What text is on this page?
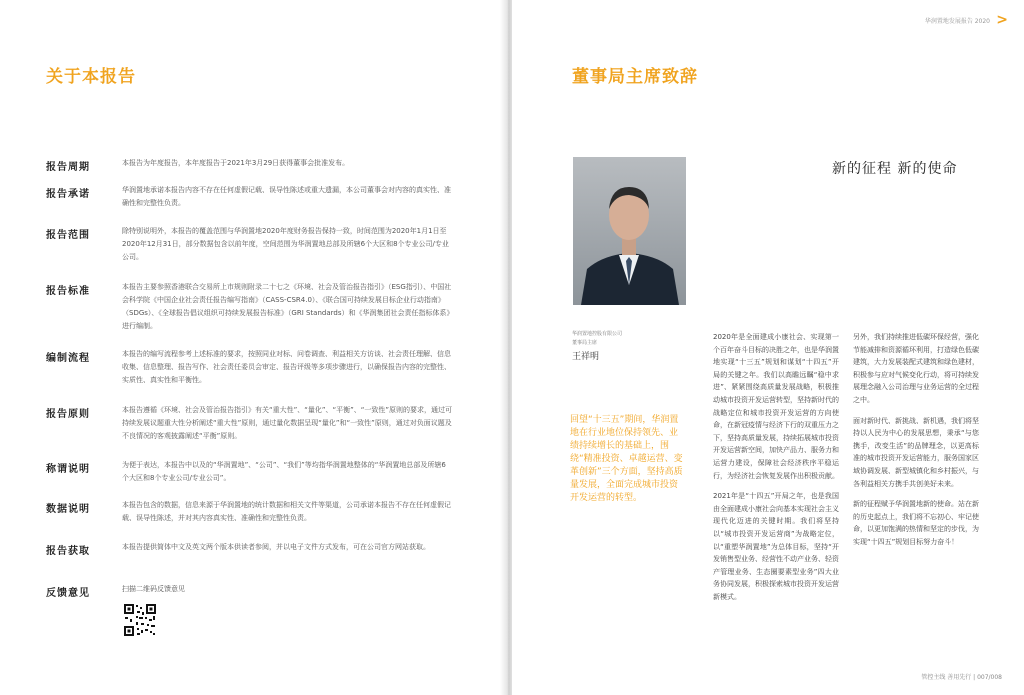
关于本报告
报告周期	本报告为年度报告，本年度报告于2021年3月29日获得董事会批准发布。
报告承诺	华润置地承诺本报告内容不存在任何虚假记载、误导性陈述或重大遗漏，本公司董事会对内容的真实性、准确性和完整性负责。
报告范围	除特别说明外，本报告的覆盖范围与华润置地2020年度财务报告保持一致，时间范围为2020年1月1日至2020年12月31日，部分数据包含以前年度，空间范围为华润置地总部及所辖6个大区和8个专业公司/专业公司。
报告标准	本报告主要参照香港联合交易所上市规则附录二十七之《环境、社会及管治报告指引》（ESG指引）、中国社会科学院《中国企业社会责任报告编写指南》（CASS-CSR4.0）、《联合国可持续发展目标企业行动指南》（SDGs）、《全球报告倡议组织可持续发展报告标准》（GRI Standards）和《华润集团社会责任指标体系》进行编制。
编制流程	本报告的编写流程参考上述标准的要求，按照同业对标、问卷调查、利益相关方访谈、社会责任理解、信息收集、信息整理、报告写作、社会责任委员会审定、报告评级等多项步骤进行，以确保报告内容的完整性、实质性、真实性和平衡性。
报告原则	本报告遵循《环境、社会及管治报告指引》有关“重大性”、“量化”、“平衡”、“一致性”原则的要求，通过可持续发展议题重大性分析阐述“重大性”原则，通过量化数据呈现“量化”和“一致性”原则，通过对负面议题及不良情况的客观披露阐述“平衡”原则。
称谓说明	为便于表达，本报告中以及的“华润置地”、“公司”、“我们”等均指华润置地整体的“华润置地总部及所辖6个大区和8个专业公司/专业公司”。
数据说明	本报告包含的数据，信息来源于华润置地的统计数据和相关文件等渠道，公司承诺本报告不存在任何虚假记载、误导性陈述，并对其内容真实性、准确性和完整性负责。
报告获取	本报告提供简体中文及英文两个版本供读者参阅，并以电子文件方式发布，可在公司官方网站获取。
反馈意见	扫描二维码反馈意见
华润置地发展报告 2020 >
董事局主席致辞
新的征程 新的使命
华润置地控股有限公司
董事局主席
王祥明
回望“十三五”期间，华润置地在行业地位保持领先、业绩持续增长的基础上，围绕“精准投资、卓越运营、变革创新”三个方面，坚持高质量发展，全面完成城市投资开发运营的转型。

2020年是全面建成小康社会、实现第一个百年奋斗目标的决胜之年，也是华润置地实现“十三五”规划和谋划“十四五”开局的关键之年。我们以高瞻远瞩“稳中求进”、紧紧围绕高质量发展战略，积极推动城市投资开发运营转型，坚持新时代的战略定位和城市投资开发运营的方向使命，在新冠疫情与经济下行的双重压力之下，坚持高质量发展，持续拓展城市投资开发运营新空间，加快产品力、服务力和运营力建设，保障社会经济秩序平稳运行，为经济社会恢复发展作出积极贡献。

2021年是“十四五”开局之年，也是我国由全面建成小康社会向基本实现社会主义现代化迈进的关键时期。我们将坚持以“城市投资开发运营商”为战略定位，以“重塑华润置地”为总体目标，坚持“开发销售型业务、经营性不动产业务、轻资产管理业务、生态圈要素型业务”四大业务协同发展，积极探索城市投资开发运营新模式。

另外，我们持续推进低碳环保经营，强化节能减排和资源循环利用，打造绿色低碳建筑，大力发展装配式建筑和绿色建材，积极参与应对气候变化行动，将可持续发展理念融入公司治理与业务运营的全过程之中。

面对新时代、新挑战、新机遇，我们将坚持以人民为中心的发展思想，秉承“与您携手，改变生活”的品牌理念，以更高标准的城市投资开发运营能力，服务国家区域协调发展、新型城镇化和乡村振兴，与各利益相关方携手共创美好未来。

新的征程赋予华润置地新的使命。站在新的历史起点上，我们将不忘初心、牢记使命，以更加饱满的热情和坚定的步伐，为实现“十四五”规划目标努力奋斗！

管控主线 善用先行 | 007/008
